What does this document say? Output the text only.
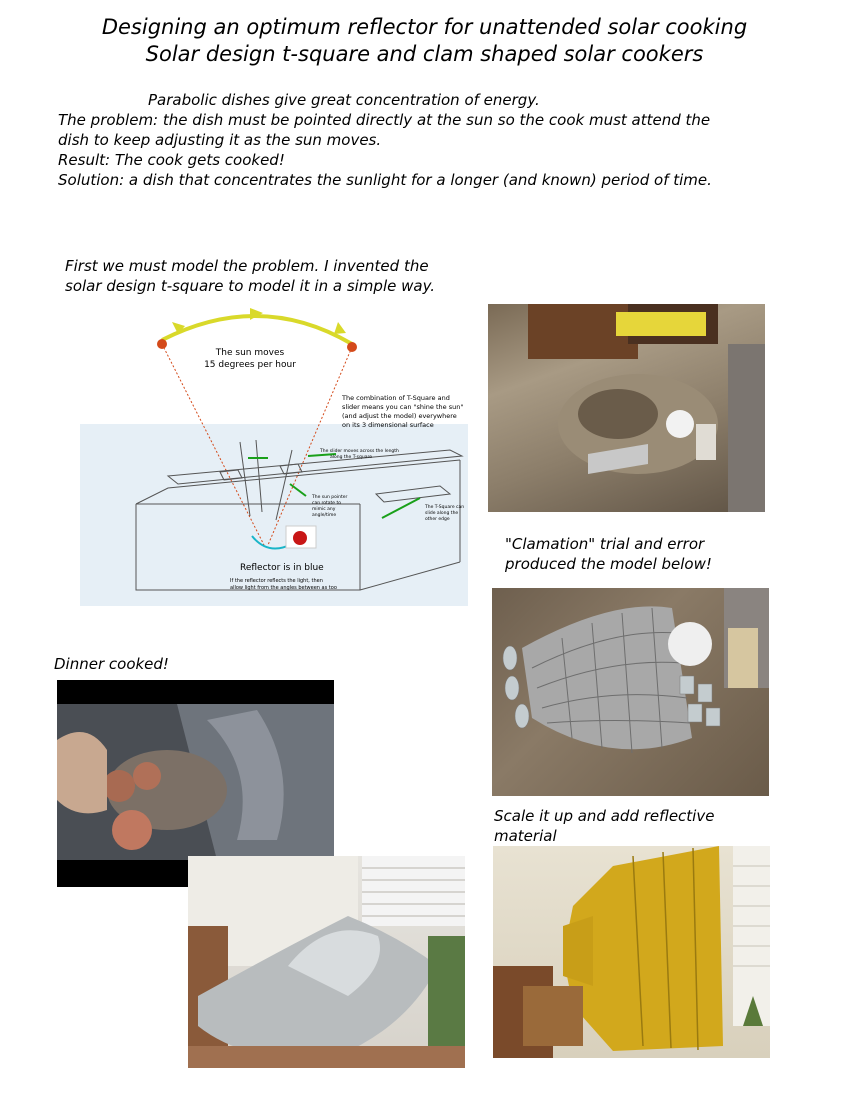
Designing an optimum reflector for unattended solar cooking
Solar design t-square and clam shaped solar cookers
Parabolic dishes give great concentration of energy.
The problem: the dish must be pointed directly at the sun so the cook must attend the
dish to keep adjusting it as the sun moves.
Result: The cook gets cooked!
Solution: a dish that concentrates the sunlight for a longer (and known) period of time.
First we must model the problem. I invented the
solar design t-square to model it in a simple way.
The sun moves
15 degrees per hour
The combination of T-Square and
slider means you can "shine the sun"
(and adjust the model) everywhere
on its 3 dimensional surface
The slider moves across the length
along the T-square
The sun pointer
can rotate to
mimic any
angle/time
The T-Square can
slide along the
other edge
Reflector is in blue
If the reflector reflects the light, then
allow light from the angles between as too
"Clamation" trial and error
produced the model below!
Dinner cooked!
Scale it up and add reflective
material
